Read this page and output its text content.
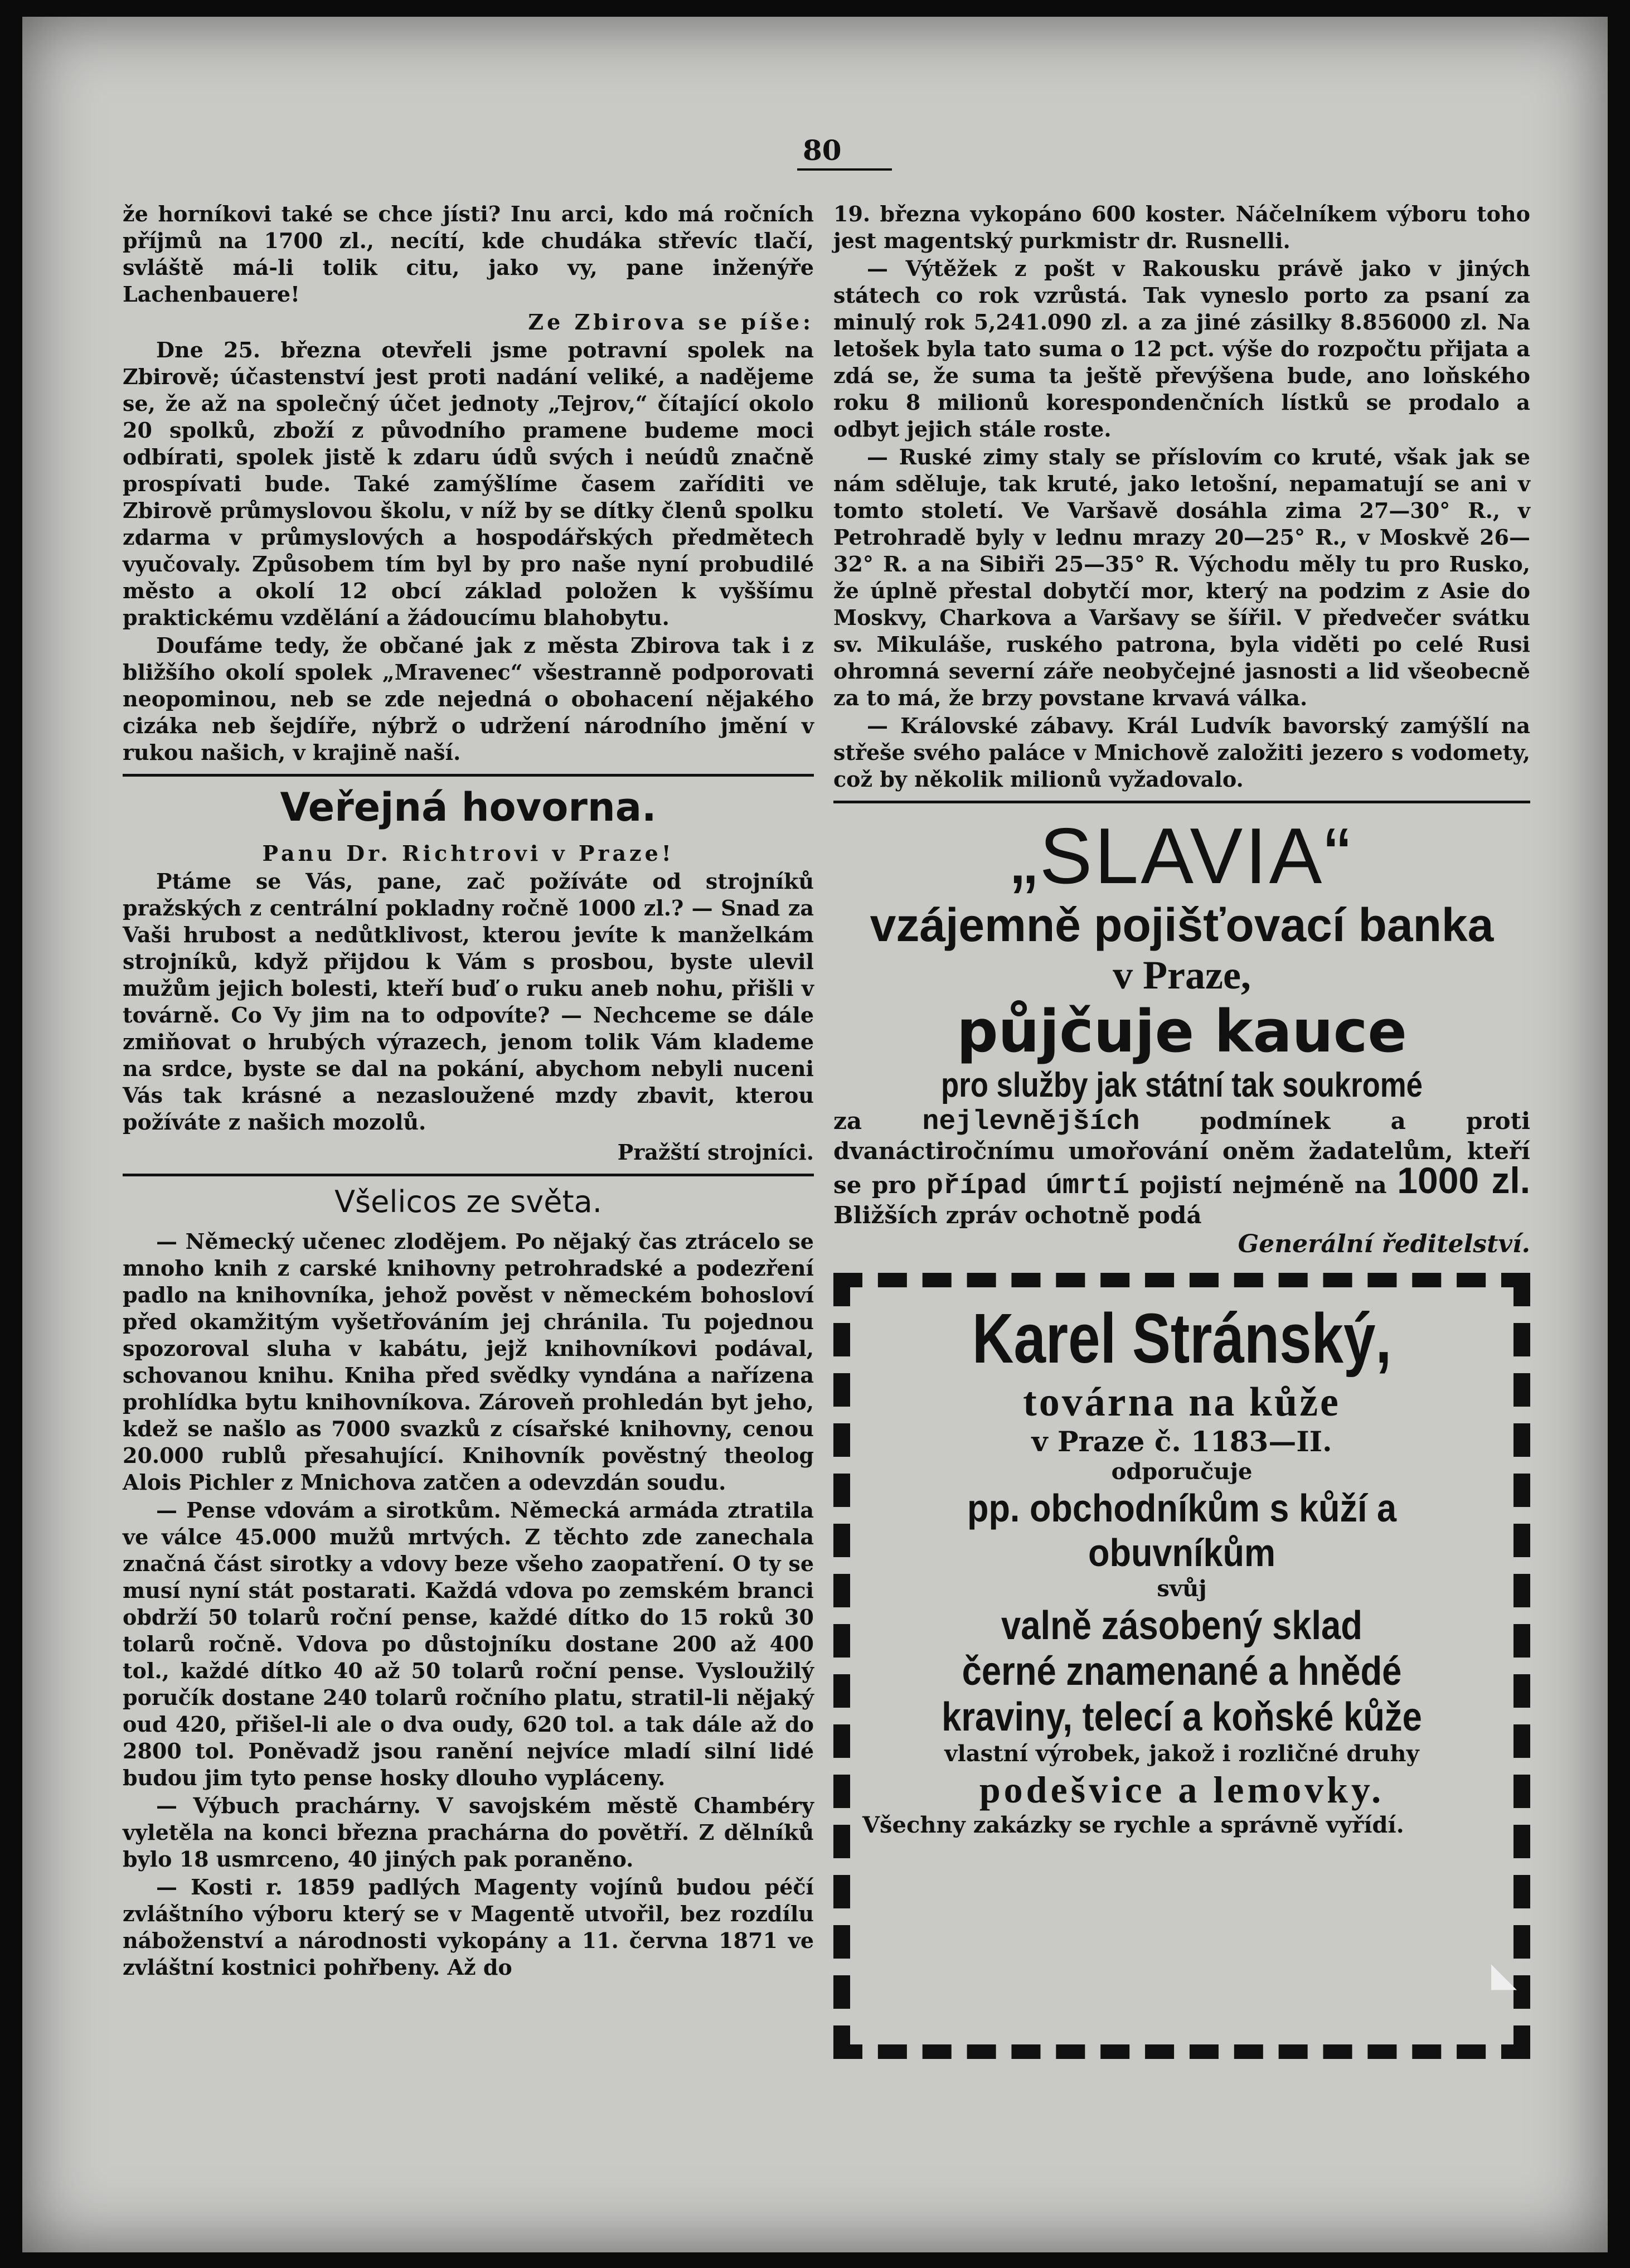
80

že horníkovi také se chce jísti? Inu arci, kdo má ročních příjmů na 1700 zl., necítí, kde chudáka střevíc tlačí, svláště má-li tolik citu, jako vy, pane inženýře Lachenbauere!

Ze Zbirova se píše:

Dne 25. března otevřeli jsme potravní spolek na Zbirově; účastenství jest proti nadání veliké, a nadějeme se, že až na společný účet jednoty „Tejrov,“ čítající okolo 20 spolků, zboží z původního pramene budeme moci odbírati, spolek jistě k zdaru údů svých i neúdů značně prospívati bude. Také zamýšlíme časem zaříditi ve Zbirově průmyslovou školu, v níž by se dítky členů spolku zdarma v průmyslových a hospodářských předmětech vyučovaly. Způsobem tím byl by pro naše nyní probudilé město a okolí 12 obcí základ položen k vyššímu praktickému vzdělání a žádoucímu blahobytu.

Doufáme tedy, že občané jak z města Zbirova tak i z bližšího okolí spolek „Mravenec“ všestranně podporovati neopominou, neb se zde nejedná o obohacení nějakého cizáka neb šejdíře, nýbrž o udržení národního jmění v rukou našich, v krajině naší.

Veřejná hovorna.

Panu Dr. Richtrovi v Praze!

Ptáme se Vás, pane, zač požíváte od strojníků pražských z centrální pokladny ročně 1000 zl.? — Snad za Vaši hrubost a nedůtklivost, kterou jevíte k manželkám strojníků, když přijdou k Vám s prosbou, byste ulevil mužům jejich bolesti, kteří buď o ruku aneb nohu, přišli v továrně. Co Vy jim na to odpovíte? — Nechceme se dále zmiňovat o hrubých výrazech, jenom tolik Vám klademe na srdce, byste se dal na pokání, abychom nebyli nuceni Vás tak krásné a nezasloužené mzdy zbavit, kterou požíváte z našich mozolů.

Pražští strojníci.

Všelicos ze světa.

— Německý učenec zlodějem. Po nějaký čas ztrácelo se mnoho knih z carské knihovny petrohradské a podezření padlo na knihovníka, jehož pověst v německém bohosloví před okamžitým vyšetřováním jej chránila. Tu pojednou spozoroval sluha v kabátu, jejž knihovníkovi podával, schovanou knihu. Kniha před svědky vyndána a nařízena prohlídka bytu knihovníkova. Zároveň prohledán byt jeho, kdež se našlo as 7000 svazků z císařské knihovny, cenou 20.000 rublů přesahující. Knihovník pověstný theolog Alois Pichler z Mnichova zatčen a odevzdán soudu.

— Pense vdovám a sirotkům. Německá armáda ztratila ve válce 45.000 mužů mrtvých. Z těchto zde zanechala značná část sirotky a vdovy beze všeho zaopatření. O ty se musí nyní stát postarati. Každá vdova po zemském branci obdrží 50 tolarů roční pense, každé dítko do 15 roků 30 tolarů ročně. Vdova po důstojníku dostane 200 až 400 tol., každé dítko 40 až 50 tolarů roční pense. Vysloužilý poručík dostane 240 tolarů ročního platu, stratil-li nějaký oud 420, přišel-li ale o dva oudy, 620 tol. a tak dále až do 2800 tol. Poněvadž jsou ranění nejvíce mladí silní lidé budou jim tyto pense hosky dlouho vypláceny.

— Výbuch prachárny. V savojském městě Chambéry vyletěla na konci března prachárna do povětří. Z dělníků bylo 18 usmrceno, 40 jiných pak poraněno.

— Kosti r. 1859 padlých Magenty vojínů budou péčí zvláštního výboru který se v Magentě utvořil, bez rozdílu náboženství a národnosti vykopány a 11. června 1871 ve zvláštní kostnici pohřbeny. Až do

19. března vykopáno 600 koster. Náčelníkem výboru toho jest magentský purkmistr dr. Rusnelli.

— Výtěžek z pošt v Rakousku právě jako v jiných státech co rok vzrůstá. Tak vyneslo porto za psaní za minulý rok 5,241.090 zl. a za jiné zásilky 8.856000 zl. Na letošek byla tato suma o 12 pct. výše do rozpočtu přijata a zdá se, že suma ta ještě převýšena bude, ano loňského roku 8 milionů korespondenčních lístků se prodalo a odbyt jejich stále roste.

— Ruské zimy staly se příslovím co kruté, však jak se nám sděluje, tak kruté, jako letošní, nepamatují se ani v tomto století. Ve Varšavě dosáhla zima 27—30° R., v Petrohradě byly v lednu mrazy 20—25° R., v Moskvě 26—32° R. a na Sibiři 25—35° R. Východu měly tu pro Rusko, že úplně přestal dobytčí mor, který na podzim z Asie do Moskvy, Charkova a Varšavy se šířil. V předvečer svátku sv. Mikuláše, ruského patrona, byla viděti po celé Rusi ohromná severní záře neobyčejné jasnosti a lid všeobecně za to má, že brzy povstane krvavá válka.

— Královské zábavy. Král Ludvík bavorský zamýšlí na střeše svého paláce v Mnichově založiti jezero s vodomety, což by několik milionů vyžadovalo.

„SLAVIA“
vzájemně pojišťovací banka
v Praze,
půjčuje kauce
pro služby jak státní tak soukromé
za nejlevnějších	podmínek a proti dvanáctiročnímu umořování oněm žadatelům, kteří se pro případ úmrtí pojistí nejméně na 1000 zl. Bližších zpráv ochotně podá
Generální ředitelství.
Karel Stránský,
továrna na kůže
v Praze č. 1183—II.
odporučuje
pp. obchodníkům s kůží a obuvníkům
svůj
valně zásobený sklad
černé znamenané a hnědé kraviny, telecí a koňské kůže
vlastní výrobek, jakož i rozličné druhy
podešvice a lemovky.
Všechny zakázky se rychle a správně vyřídí.
◣
